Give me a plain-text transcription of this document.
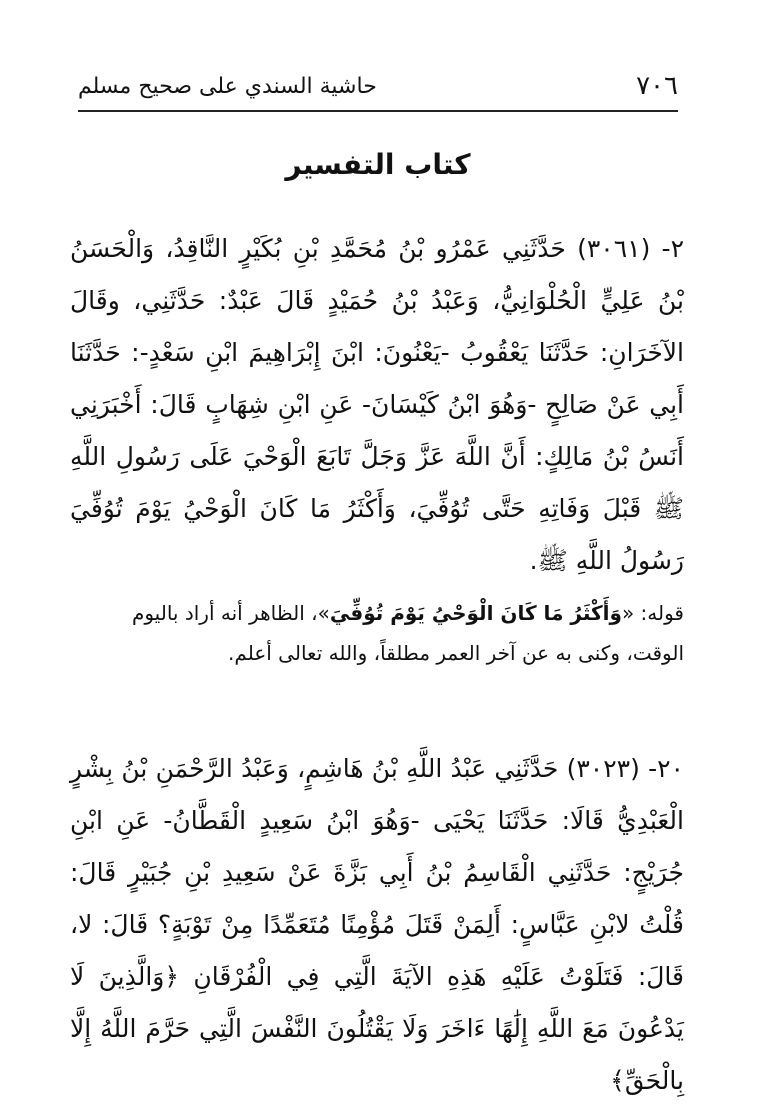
٧٠٦
حاشية السندي على صحيح مسلم
كتاب التفسير

٢- (٣٠٦١) حَدَّثَنِي عَمْرُو بْنُ مُحَمَّدِ بْنِ بُكَيْرٍ النَّاقِدُ، وَالْحَسَنُ بْنُ عَلِيٍّ الْحُلْوَانِيُّ، وَعَبْدُ بْنُ حُمَيْدٍ قَالَ عَبْدٌ: حَدَّثَنِي، وقَالَ الآخَرَانِ: حَدَّثَنَا يَعْقُوبُ -يَعْنُونَ: ابْنَ إِبْرَاهِيمَ ابْنِ سَعْدٍ-: حَدَّثَنَا أَبِي عَنْ صَالِحٍ -وَهُوَ ابْنُ كَيْسَانَ- عَنِ ابْنِ شِهَابٍ قَالَ: أَخْبَرَنِي أَنَسُ بْنُ مَالِكٍ: أَنَّ اللَّهَ عَزَّ وَجَلَّ تَابَعَ الْوَحْيَ عَلَى رَسُولِ اللَّهِ ﷺ قَبْلَ وَفَاتِهِ حَتَّى تُوُفِّيَ، وَأَكْثَرُ مَا كَانَ الْوَحْيُ يَوْمَ تُوُفِّيَ رَسُولُ اللَّهِ ﷺ.

قوله: «وَأَكْثَرُ مَا كَانَ الْوَحْيُ يَوْمَ تُوُفِّيَ»، الظاهر أنه أراد باليوم الوقت، وكنى به عن آخر العمر مطلقاً، والله تعالى أعلم.

٢٠- (٣٠٢٣) حَدَّثَنِي عَبْدُ اللَّهِ بْنُ هَاشِمٍ، وَعَبْدُ الرَّحْمَنِ بْنُ بِشْرٍ الْعَبْدِيُّ قَالَا: حَدَّثَنَا يَحْيَى -وَهُوَ ابْنُ سَعِيدٍ الْقَطَّانُ- عَنِ ابْنِ جُرَيْجٍ: حَدَّثَنِي الْقَاسِمُ بْنُ أَبِي بَزَّةَ عَنْ سَعِيدِ بْنِ جُبَيْرٍ قَالَ: قُلْتُ لابْنِ عَبَّاسٍ: أَلِمَنْ قَتَلَ مُؤْمِنًا مُتَعَمِّدًا مِنْ تَوْبَةٍ؟ قَالَ: لا، قَالَ: فَتَلَوْتُ عَلَيْهِ هَذِهِ الآيَةَ الَّتِي فِي الْفُرْقَانِ ﴿وَالَّذِينَ لَا يَدْعُونَ مَعَ اللَّهِ إِلَٰهًا ءَاخَرَ وَلَا يَقْتُلُونَ النَّفْسَ الَّتِي حَرَّمَ اللَّهُ إِلَّا بِالْحَقِّ﴾
